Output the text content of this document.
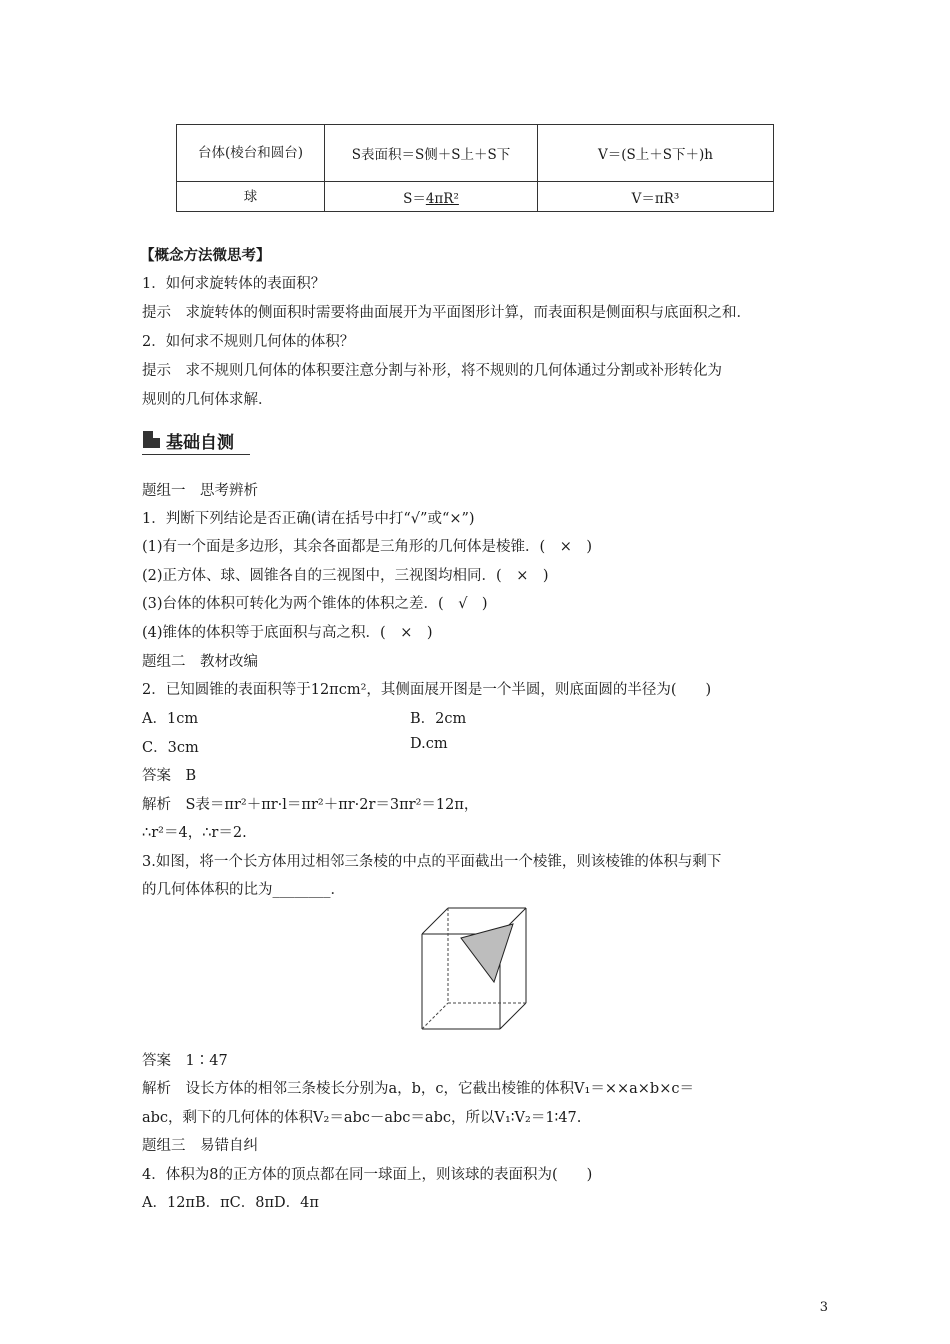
台体(棱台和圆台)	S表面积＝S侧＋S上＋S下	V＝(S上＋S下＋)h
球	S＝4πR²	V＝πR³
【概念方法微思考】
1．如何求旋转体的表面积？
提示　求旋转体的侧面积时需要将曲面展开为平面图形计算，而表面积是侧面积与底面积之和．
2．如何求不规则几何体的体积？
提示　求不规则几何体的体积要注意分割与补形，将不规则的几何体通过分割或补形转化为
规则的几何体求解．
基础自测
题组一　思考辨析
1．判断下列结论是否正确(请在括号中打“√”或“×”)
(1)有一个面是多边形，其余各面都是三角形的几何体是棱锥．(　×　)
(2)正方体、球、圆锥各自的三视图中，三视图均相同．(　×　)
(3)台体的体积可转化为两个锥体的体积之差．(　√　)
(4)锥体的体积等于底面积与高之积．(　×　)
题组二　教材改编
2．已知圆锥的表面积等于12πcm²，其侧面展开图是一个半圆，则底面圆的半径为(　　)
A．1cm	B．2cm
C．3cm	D.cm
答案　B
解析　S表＝πr²＋πr·l＝πr²＋πr·2r＝3πr²＝12π，
∴r²＝4，∴r＝2.
3.如图，将一个长方体用过相邻三条棱的中点的平面截出一个棱锥，则该棱锥的体积与剩下
的几何体体积的比为________．
答案　1∶47
解析　设长方体的相邻三条棱长分别为a，b，c，它截出棱锥的体积V₁＝××a×b×c＝
abc，剩下的几何体的体积V₂＝abc－abc＝abc，所以V₁∶V₂＝1∶47.
题组三　易错自纠
4．体积为8的正方体的顶点都在同一球面上，则该球的表面积为(　　)
A．12πB．πC．8πD．4π
3
